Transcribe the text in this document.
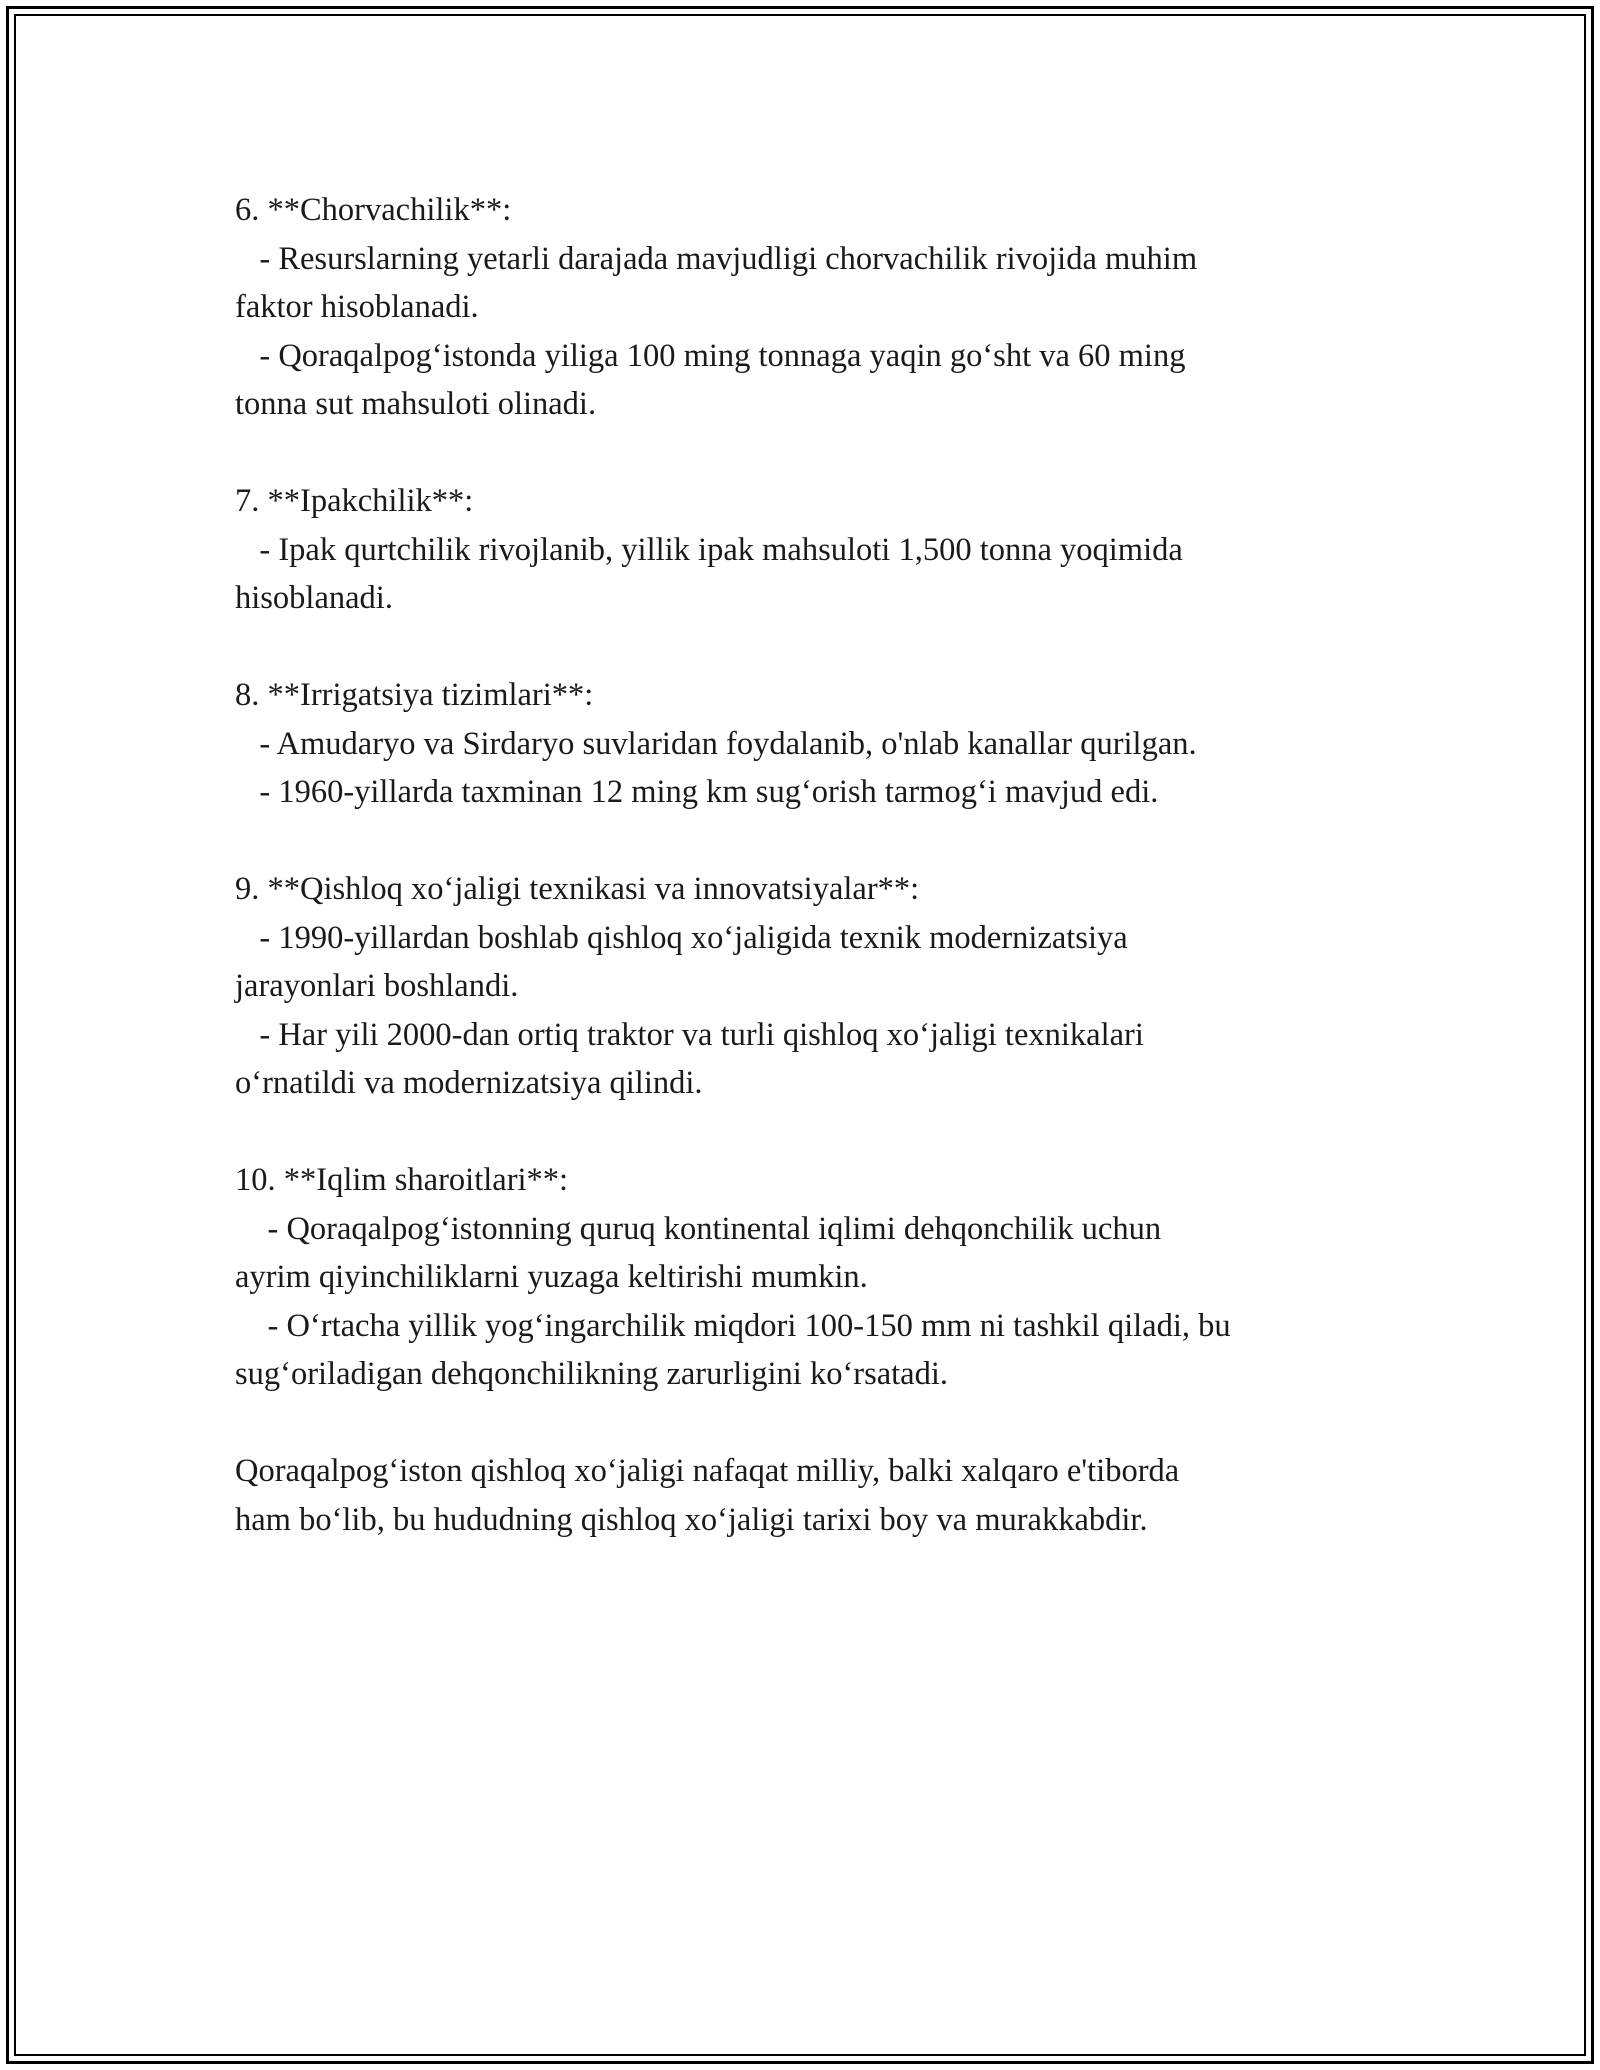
6. **Chorvachilik**:
- Resurslarning yetarli darajada mavjudligi chorvachilik rivojida muhim
faktor hisoblanadi.
- Qoraqalpog‘istonda yiliga 100 ming tonnaga yaqin go‘sht va 60 ming
tonna sut mahsuloti olinadi.
7. **Ipakchilik**:
- Ipak qurtchilik rivojlanib, yillik ipak mahsuloti 1,500 tonna yoqimida
hisoblanadi.
8. **Irrigatsiya tizimlari**:
- Amudaryo va Sirdaryo suvlaridan foydalanib, o'nlab kanallar qurilgan.
- 1960-yillarda taxminan 12 ming km sug‘orish tarmog‘i mavjud edi.
9. **Qishloq xo‘jaligi texnikasi va innovatsiyalar**:
- 1990-yillardan boshlab qishloq xo‘jaligida texnik modernizatsiya
jarayonlari boshlandi.
- Har yili 2000-dan ortiq traktor va turli qishloq xo‘jaligi texnikalari
o‘rnatildi va modernizatsiya qilindi.
10. **Iqlim sharoitlari**:
- Qoraqalpog‘istonning quruq kontinental iqlimi dehqonchilik uchun
ayrim qiyinchiliklarni yuzaga keltirishi mumkin.
- O‘rtacha yillik yog‘ingarchilik miqdori 100-150 mm ni tashkil qiladi, bu
sug‘oriladigan dehqonchilikning zarurligini ko‘rsatadi.
Qoraqalpog‘iston qishloq xo‘jaligi nafaqat milliy, balki xalqaro e'tiborda
ham bo‘lib, bu hududning qishloq xo‘jaligi tarixi boy va murakkabdir.
